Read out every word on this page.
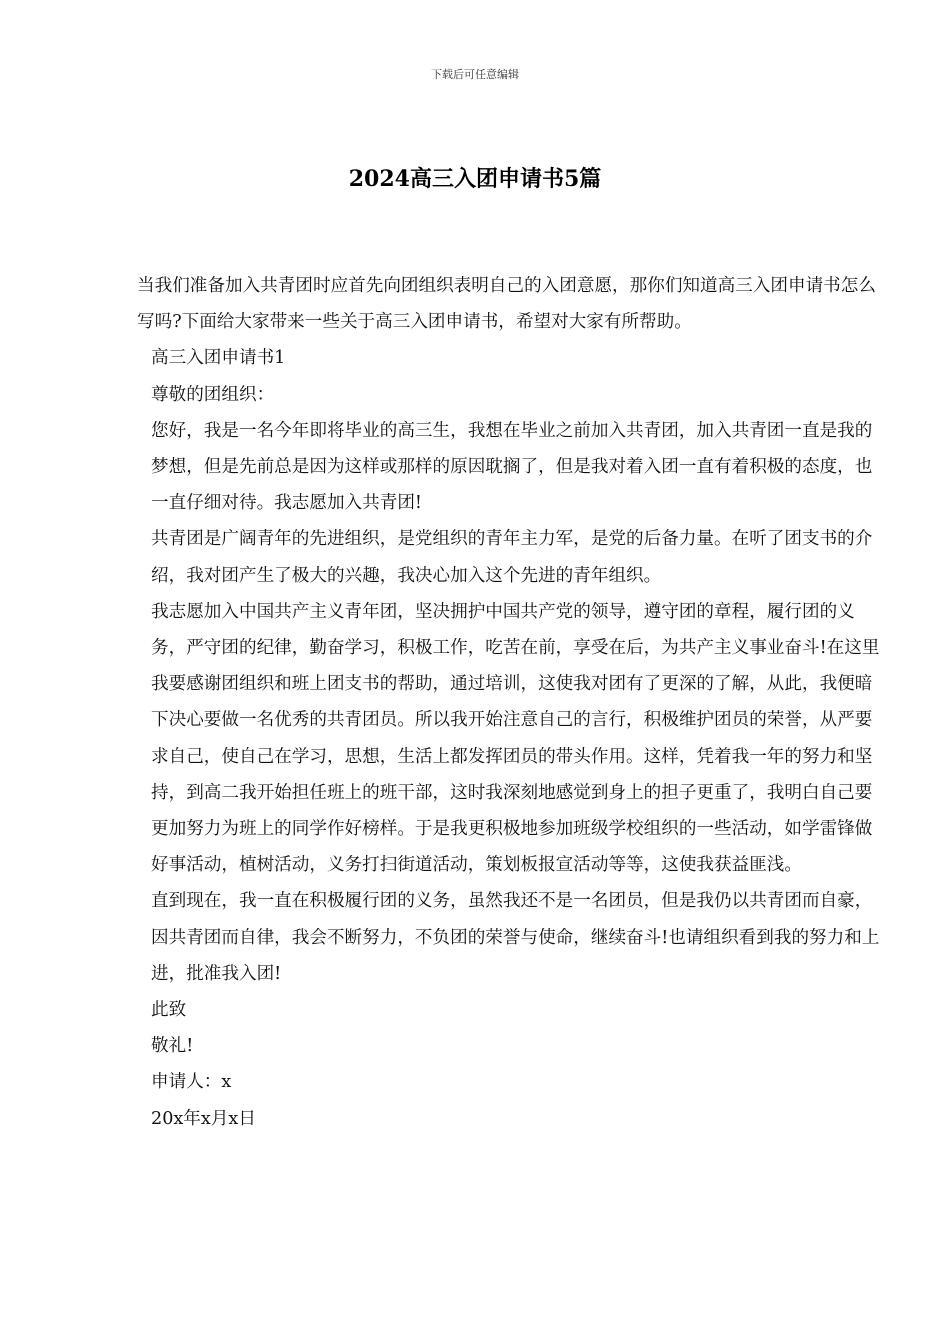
下载后可任意编辑
2024高三入团申请书5篇

当我们准备加入共青团时应首先向团组织表明自己的入团意愿，那你们知道高三入团申请书怎么写吗?下面给大家带来一些关于高三入团申请书，希望对大家有所帮助。

高三入团申请书1

尊敬的团组织：

您好，我是一名今年即将毕业的高三生，我想在毕业之前加入共青团，加入共青团一直是我的梦想，但是先前总是因为这样或那样的原因耽搁了，但是我对着入团一直有着积极的态度，也一直仔细对待。我志愿加入共青团!

共青团是广阔青年的先进组织，是党组织的青年主力军，是党的后备力量。在听了团支书的介绍，我对团产生了极大的兴趣，我决心加入这个先进的青年组织。

我志愿加入中国共产主义青年团，坚决拥护中国共产党的领导，遵守团的章程，履行团的义务，严守团的纪律，勤奋学习，积极工作，吃苦在前，享受在后，为共产主义事业奋斗!在这里我要感谢团组织和班上团支书的帮助，通过培训，这使我对团有了更深的了解，从此，我便暗下决心要做一名优秀的共青团员。所以我开始注意自己的言行，积极维护团员的荣誉，从严要求自己，使自己在学习，思想，生活上都发挥团员的带头作用。这样，凭着我一年的努力和坚持，到高二我开始担任班上的班干部，这时我深刻地感觉到身上的担子更重了，我明白自己要更加努力为班上的同学作好榜样。于是我更积极地参加班级学校组织的一些活动，如学雷锋做好事活动，植树活动，义务打扫街道活动，策划板报宣活动等等，这使我获益匪浅。

直到现在，我一直在积极履行团的义务，虽然我还不是一名团员，但是我仍以共青团而自豪，因共青团而自律，我会不断努力，不负团的荣誉与使命，继续奋斗!也请组织看到我的努力和上进，批准我入团!

此致

敬礼!

申请人：x

20x年x月x日
